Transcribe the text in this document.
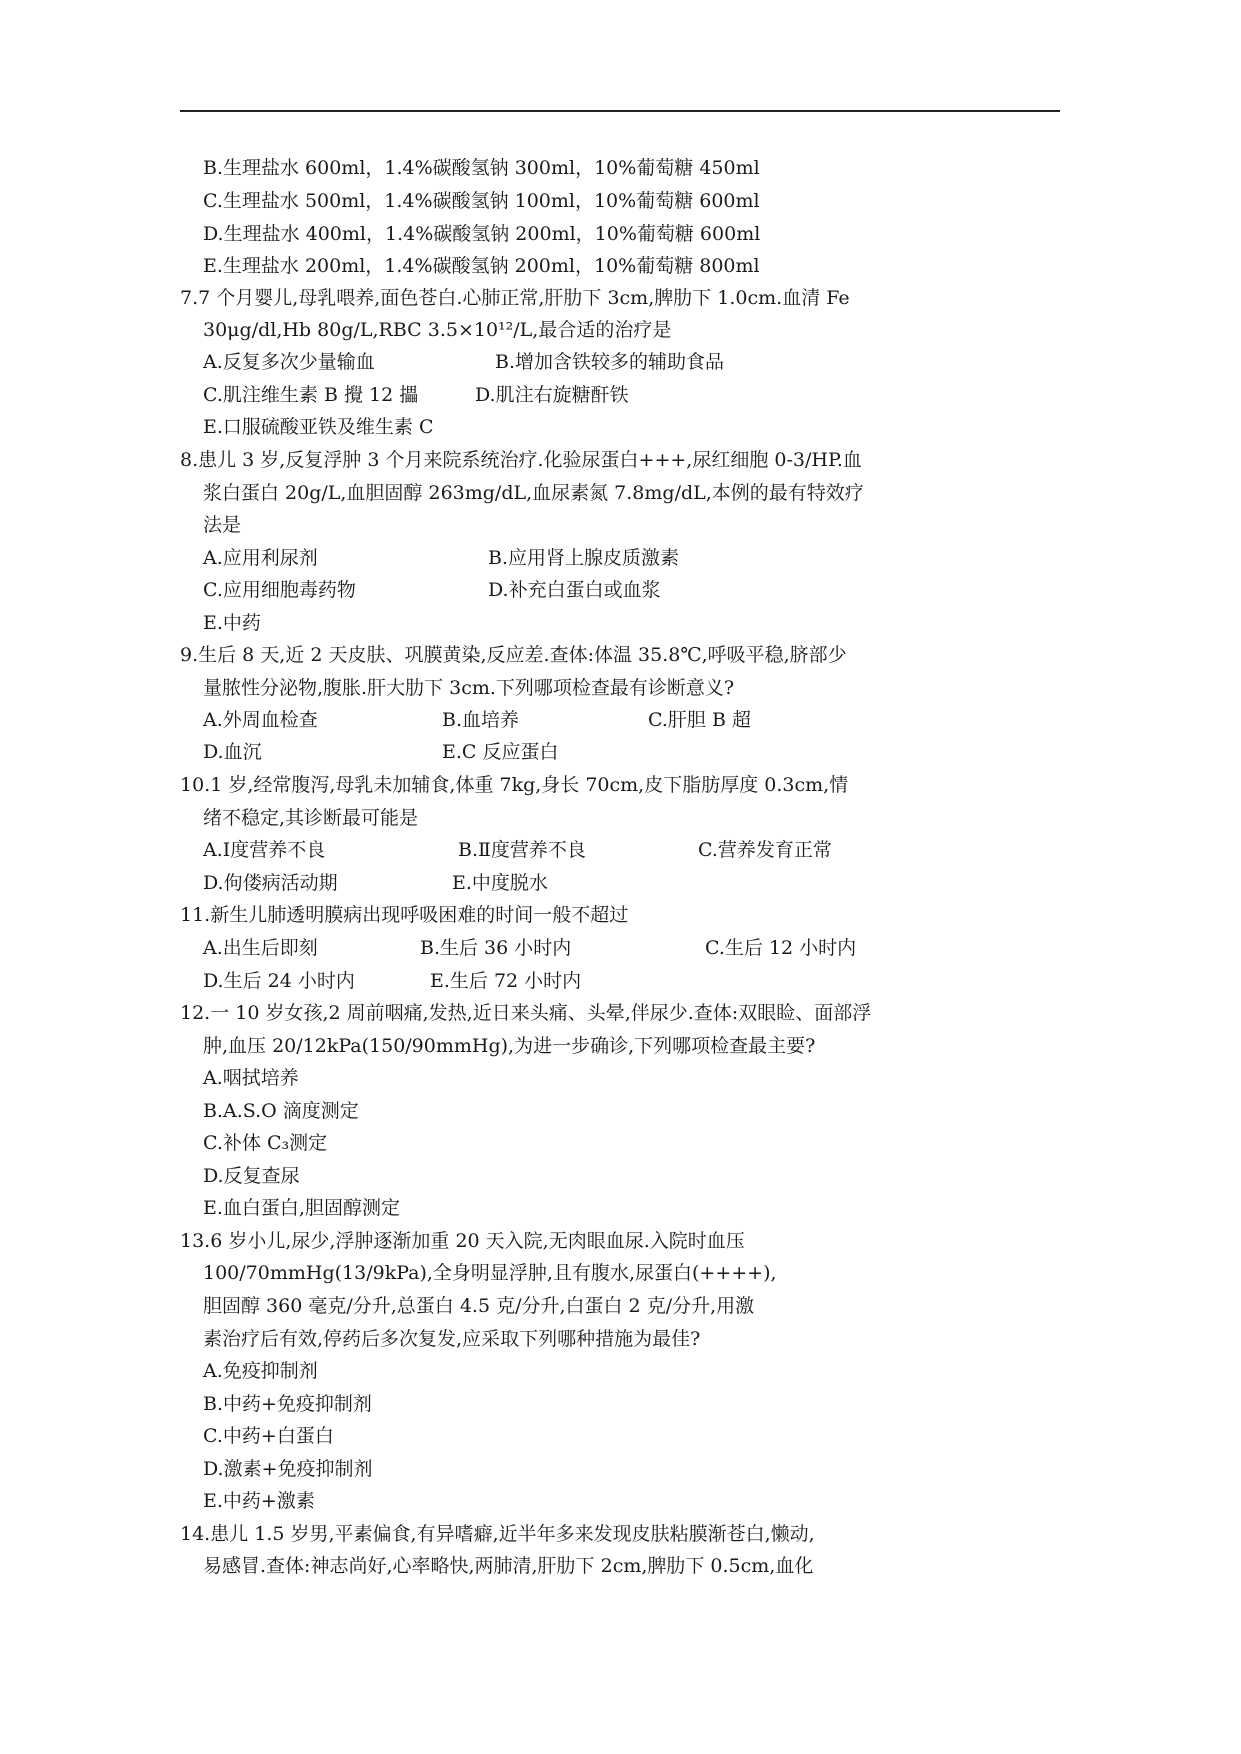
B.生理盐水 600ml，1.4%碳酸氢钠 300ml，10%葡萄糖 450ml
C.生理盐水 500ml，1.4%碳酸氢钠 100ml，10%葡萄糖 600ml
D.生理盐水 400ml，1.4%碳酸氢钠 200ml，10%葡萄糖 600ml
E.生理盐水 200ml，1.4%碳酸氢钠 200ml，10%葡萄糖 800ml
7.7 个月婴儿,母乳喂养,面色苍白.心肺正常,肝肋下 3cm,脾肋下 1.0cm.血清 Fe
30μg/dl,Hb 80g/L,RBC 3.5×10¹²/L,最合适的治疗是
A.反复多次少量输血	B.增加含铁较多的辅助食品
C.肌注维生素 B 攪 12 攂	D.肌注右旋糖酐铁
E.口服硫酸亚铁及维生素 C
8.患儿 3 岁,反复浮肿 3 个月来院系统治疗.化验尿蛋白+++,尿红细胞 0-3/HP.血
浆白蛋白 20g/L,血胆固醇 263mg/dL,血尿素氮 7.8mg/dL,本例的最有特效疗
法是
A.应用利尿剂	B.应用肾上腺皮质激素
C.应用细胞毒药物	D.补充白蛋白或血浆
E.中药
9.生后 8 天,近 2 天皮肤、巩膜黄染,反应差.查体:体温 35.8℃,呼吸平稳,脐部少
量脓性分泌物,腹胀.肝大肋下 3cm.下列哪项检查最有诊断意义?
A.外周血检查	B.血培养	C.肝胆 B 超
D.血沉	E.C 反应蛋白
10.1 岁,经常腹泻,母乳未加辅食,体重 7kg,身长 70cm,皮下脂肪厚度 0.3cm,情
绪不稳定,其诊断最可能是
A.Ⅰ度营养不良	B.Ⅱ度营养不良	C.营养发育正常
D.佝偻病活动期	E.中度脱水
11.新生儿肺透明膜病出现呼吸困难的时间一般不超过
A.出生后即刻	B.生后 36 小时内	C.生后 12 小时内
D.生后 24 小时内	E.生后 72 小时内
12.一 10 岁女孩,2 周前咽痛,发热,近日来头痛、头晕,伴尿少.查体:双眼睑、面部浮
肿,血压 20/12kPa(150/90mmHg),为进一步确诊,下列哪项检查最主要?
A.咽拭培养
B.A.S.O 滴度测定
C.补体 C₃测定
D.反复查尿
E.血白蛋白,胆固醇测定
13.6 岁小儿,尿少,浮肿逐渐加重 20 天入院,无肉眼血尿.入院时血压
100/70mmHg(13/9kPa),全身明显浮肿,且有腹水,尿蛋白(++++),
胆固醇 360 毫克/分升,总蛋白 4.5 克/分升,白蛋白 2 克/分升,用激
素治疗后有效,停药后多次复发,应采取下列哪种措施为最佳?
A.免疫抑制剂
B.中药+免疫抑制剂
C.中药+白蛋白
D.激素+免疫抑制剂
E.中药+激素
14.患儿 1.5 岁男,平素偏食,有异嗜癖,近半年多来发现皮肤粘膜渐苍白,懒动,
易感冒.查体:神志尚好,心率略快,两肺清,肝肋下 2cm,脾肋下 0.5cm,血化
